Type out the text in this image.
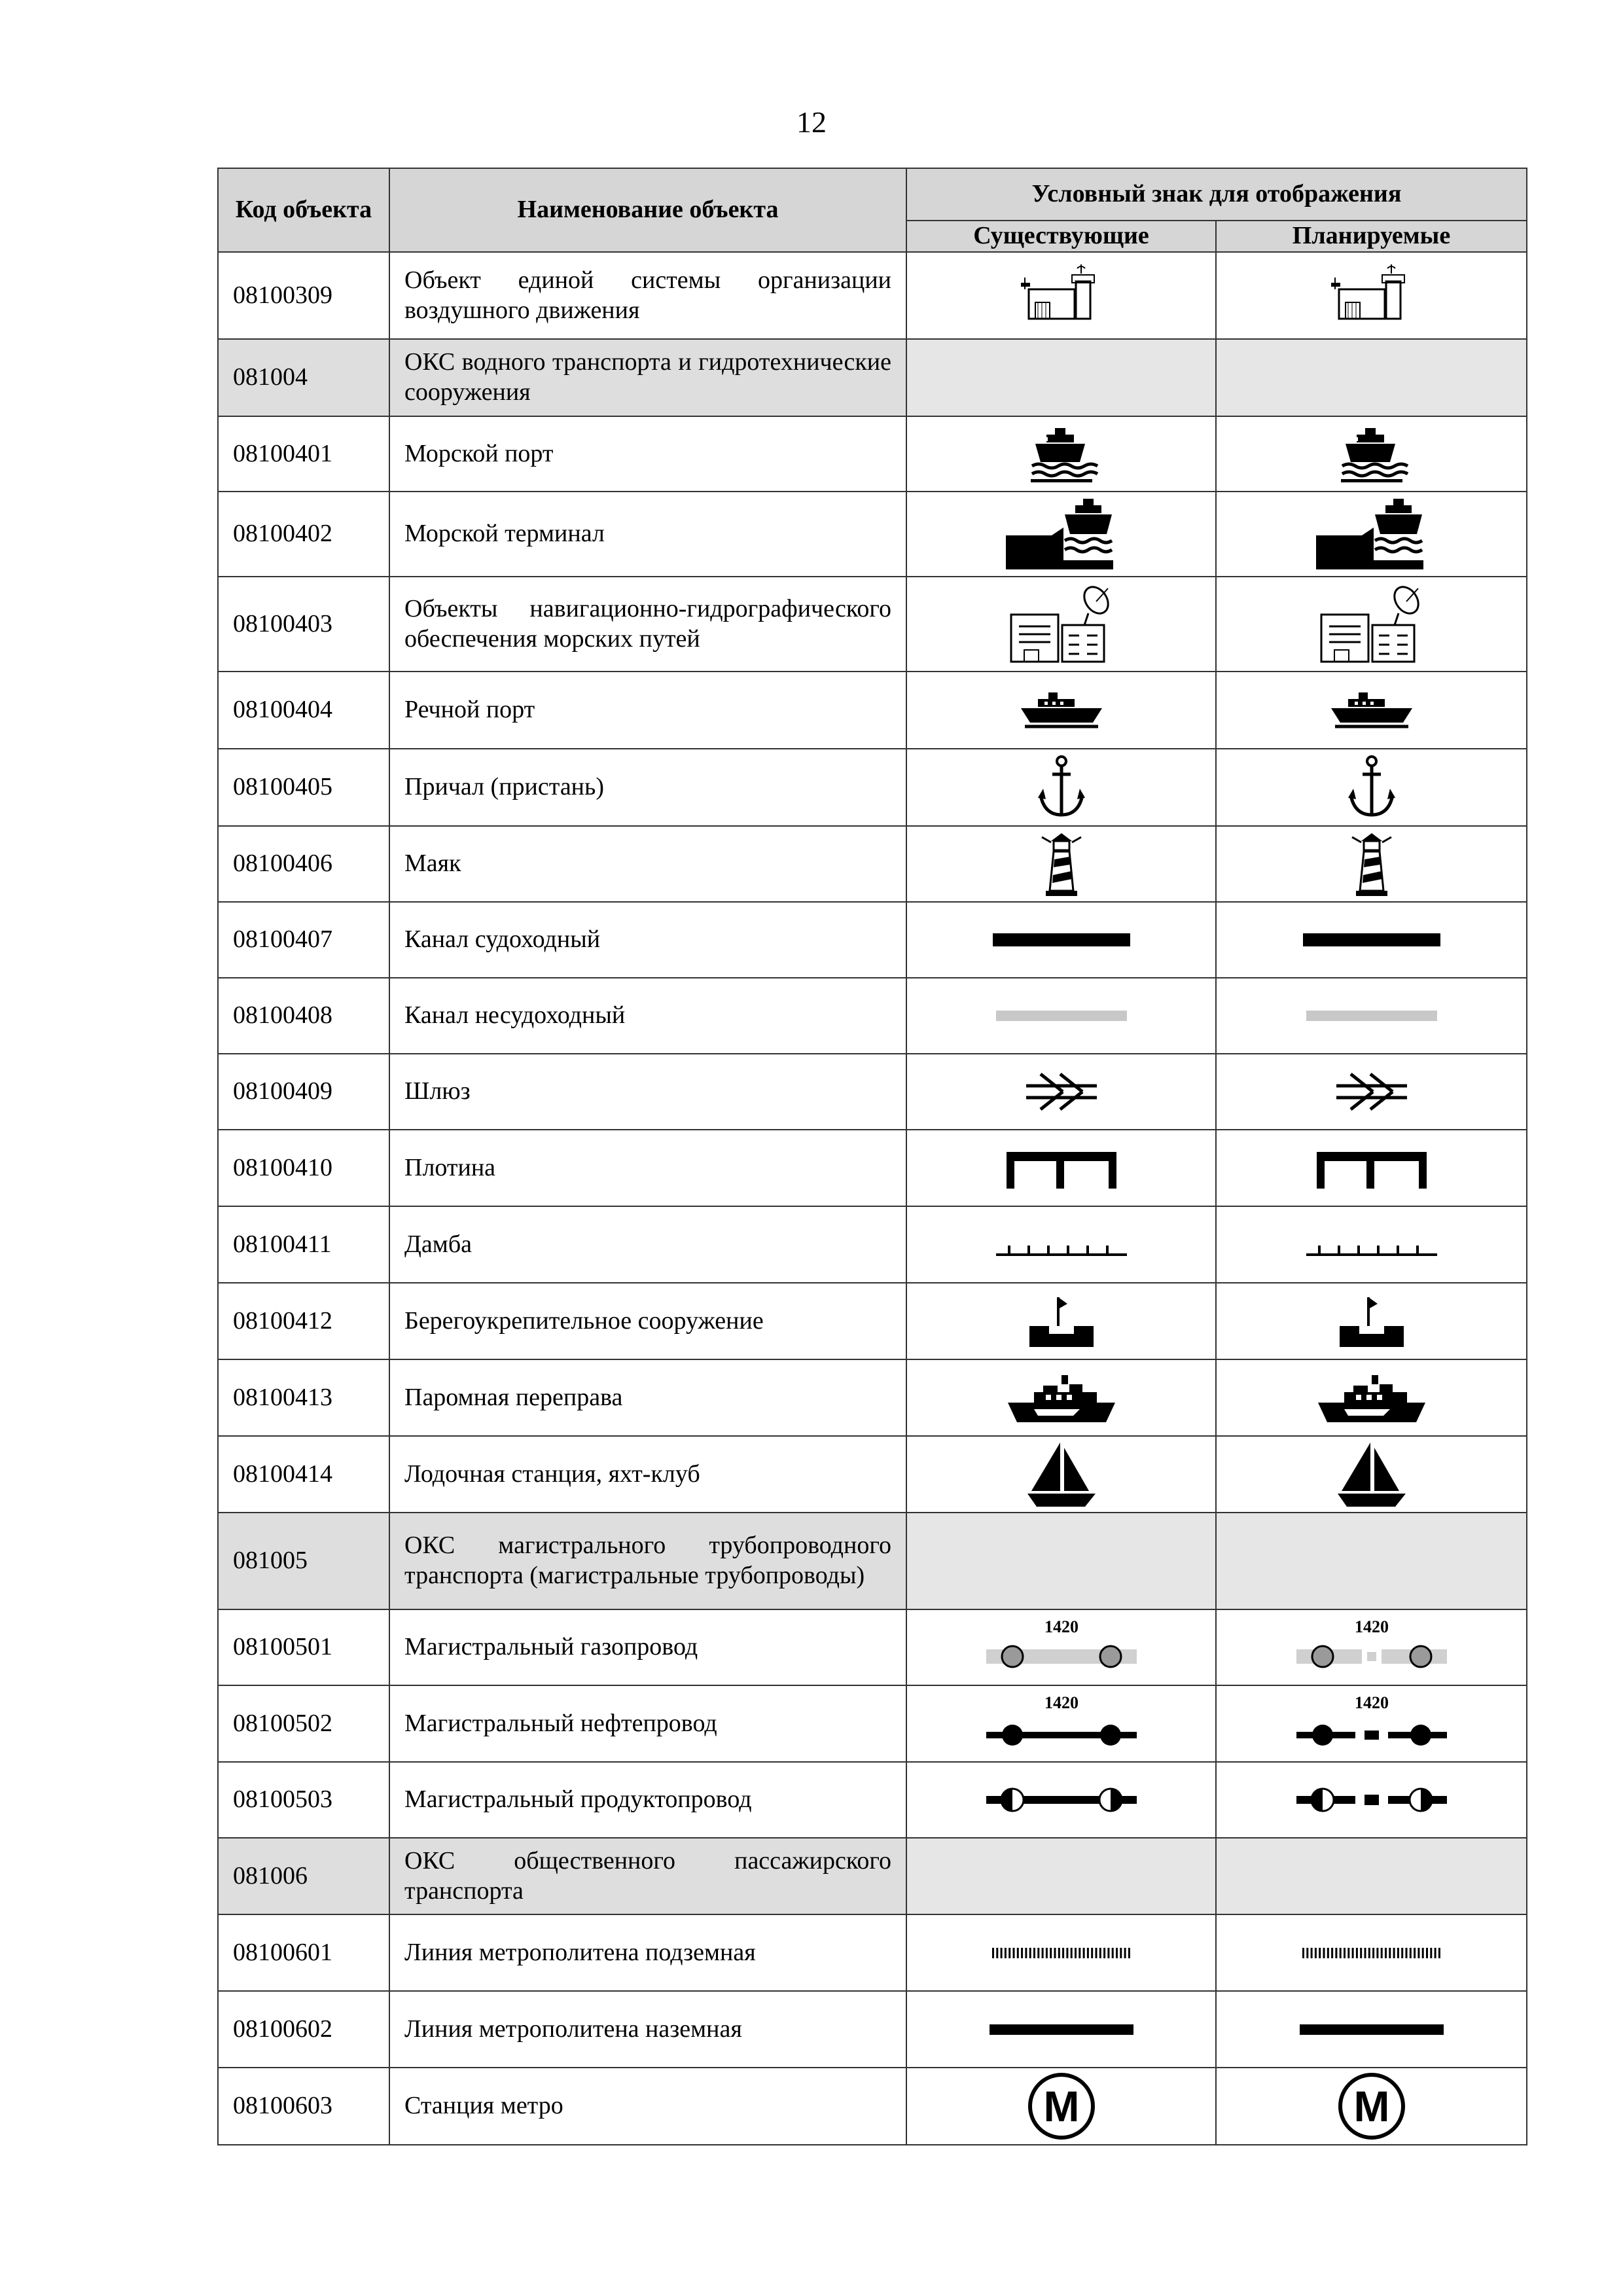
12
Код объекта	Наименование объекта	Условный знак для отображения	
		Существующие	Планируемые
08100309	Объект единой системы организации воздушного движения	

081004	ОКС водного транспорта и гидротехнические сооружения		
08100401	Морской порт	

08100402	Морской терминал	

08100403	Объекты навигационно-гидрографического обеспечения морских путей	

08100404	Речной порт	

08100405	Причал (пристань)	

08100406	Маяк	

08100407	Канал судоходный	

08100408	Канал несудоходный	

08100409	Шлюз	

08100410	Плотина	

08100411	Дамба	

08100412	Берегоукрепительное сооружение	

08100413	Паромная переправа	

08100414	Лодочная станция, яхт-клуб	

081005	ОКС магистрального трубопроводного транспорта (магистральные трубопроводы)		
08100501	Магистральный газопровод	1420	1420

08100502	Магистральный нефтепровод	1420	1420

08100503	Магистральный продуктопровод	

081006	ОКС общественного пассажирского транспорта		
08100601	Линия метрополитена подземная	

08100602	Линия метрополитена наземная	

08100603	Станция метро	M	M
